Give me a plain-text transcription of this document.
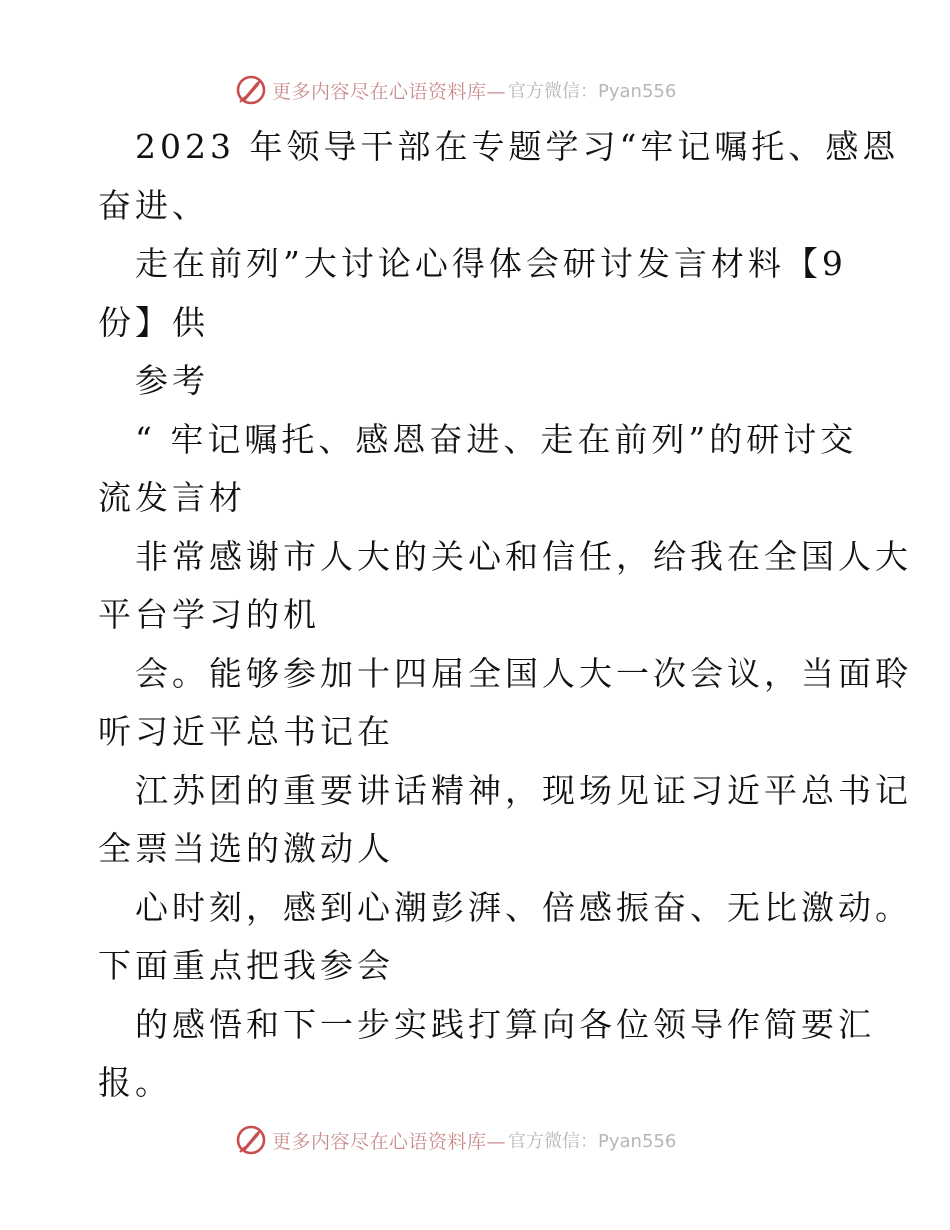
更多内容尽在心语资料库— 官方微信：Pyan556
2023 年领导干部在专题学习“牢记嘱托、感恩
奋进、
走在前列”大讨论心得体会研讨发言材料【9
份】供
参考
“ 牢记嘱托、感恩奋进、走在前列”的研讨交
流发言材
非常感谢市人大的关心和信任，给我在全国人大
平台学习的机
会。能够参加十四届全国人大一次会议，当面聆
听习近平总书记在
江苏团的重要讲话精神，现场见证习近平总书记
全票当选的激动人
心时刻，感到心潮彭湃、倍感振奋、无比激动。
下面重点把我参会
的感悟和下一步实践打算向各位领导作简要汇
报。
更多内容尽在心语资料库— 官方微信：Pyan556
